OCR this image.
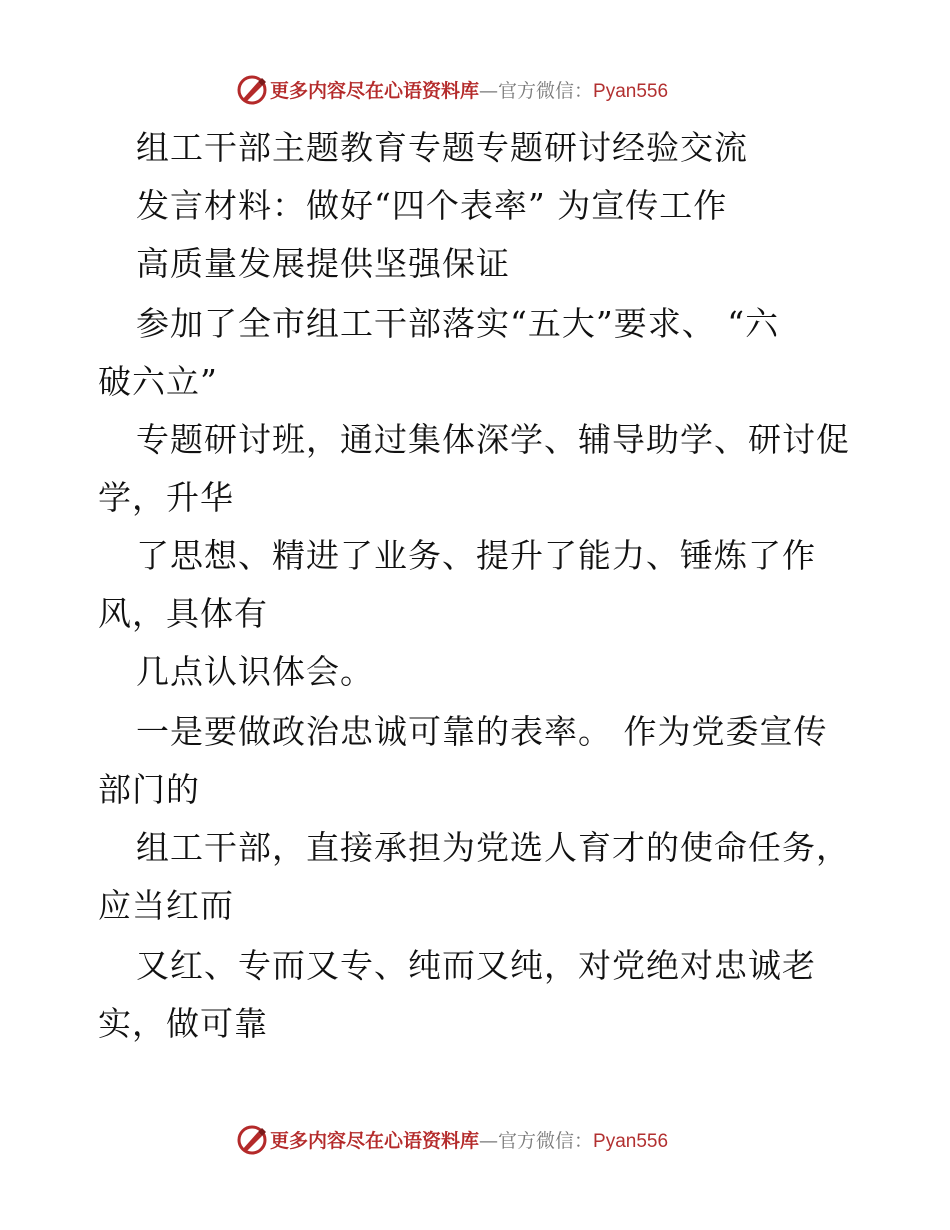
更多内容尽在心语资料库—官方微信：Pyan556
组工干部主题教育专题专题研讨经验交流
发言材料：做好“四个表率” 为宣传工作
高质量发展提供坚强保证
参加了全市组工干部落实“五大”要求、 “六
破六立”
专题研讨班，通过集体深学、辅导助学、研讨促
学，升华
了思想、精进了业务、提升了能力、锤炼了作
风，具体有
几点认识体会。
一是要做政治忠诚可靠的表率。 作为党委宣传
部门的
组工干部，直接承担为党选人育才的使命任务，
应当红而
又红、专而又专、纯而又纯，对党绝对忠诚老
实，做可靠
更多内容尽在心语资料库—官方微信：Pyan556
